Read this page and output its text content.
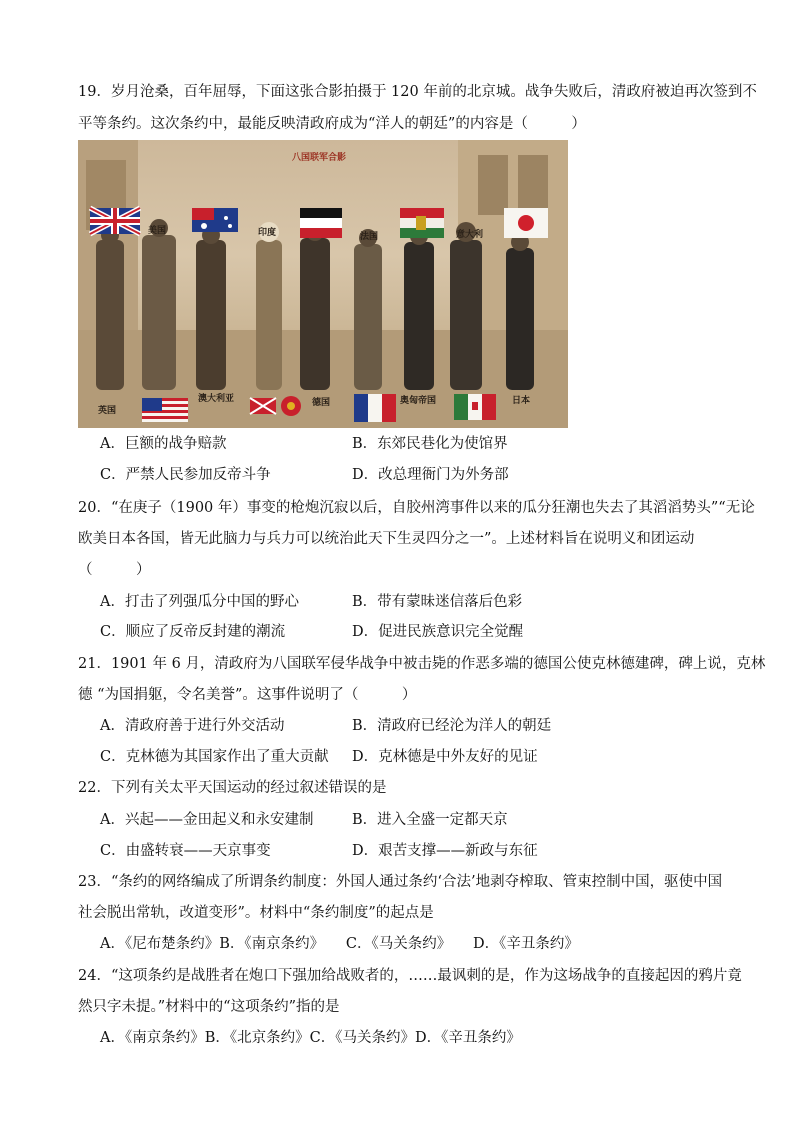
19．岁月沧桑，百年屈辱，下面这张合影拍摄于 120 年前的北京城。战争失败后，清政府被迫再次签到不
平等条约。这次条约中，最能反映清政府成为“洋人的朝廷”的内容是（　　　）
八国联军合影
美国	印度	法国	意大利
英国
澳大利亚	德国	奥匈帝国	日本
A．巨额的战争赔款	B．东郊民巷化为使馆界
C．严禁人民参加反帝斗争	D．改总理衙门为外务部
20．“在庚子（1900 年）事变的枪炮沉寂以后，自胶州湾事件以来的瓜分狂潮也失去了其滔滔势头”“无论
欧美日本各国，皆无此脑力与兵力可以统治此天下生灵四分之一”。上述材料旨在说明义和团运动
（　　　）
A．打击了列强瓜分中国的野心	B．带有蒙昧迷信落后色彩
C．顺应了反帝反封建的潮流	D．促进民族意识完全觉醒
21．1901 年 6 月，清政府为八国联军侵华战争中被击毙的作恶多端的德国公使克林德建碑，碑上说，克林
德 “为国捐躯，令名美誉”。这事件说明了（　　　）
A．清政府善于进行外交活动	B．清政府已经沦为洋人的朝廷
C．克林德为其国家作出了重大贡献 D．克林德是中外友好的见证
22．下列有关太平天国运动的经过叙述错误的是
A．兴起——金田起义和永安建制	B．进入全盛一定都天京
C．由盛转衰——天京事变	D．艰苦支撑——新政与东征
23．“条约的网络编成了所谓条约制度：外国人通过条约‘合法’地剥夺榨取、管束控制中国，驱使中国
社会脱出常轨，改道变形”。材料中“条约制度”的起点是
A．《尼布楚条约》B．《南京条约》　　C．《马关条约》　　D．《辛丑条约》
24．“这项条约是战胜者在炮口下强加给战败者的，……最讽刺的是，作为这场战争的直接起因的鸦片竟
然只字未提。”材料中的“这项条约”指的是
A．《南京条约》B．《北京条约》C．《马关条约》D．《辛丑条约》
